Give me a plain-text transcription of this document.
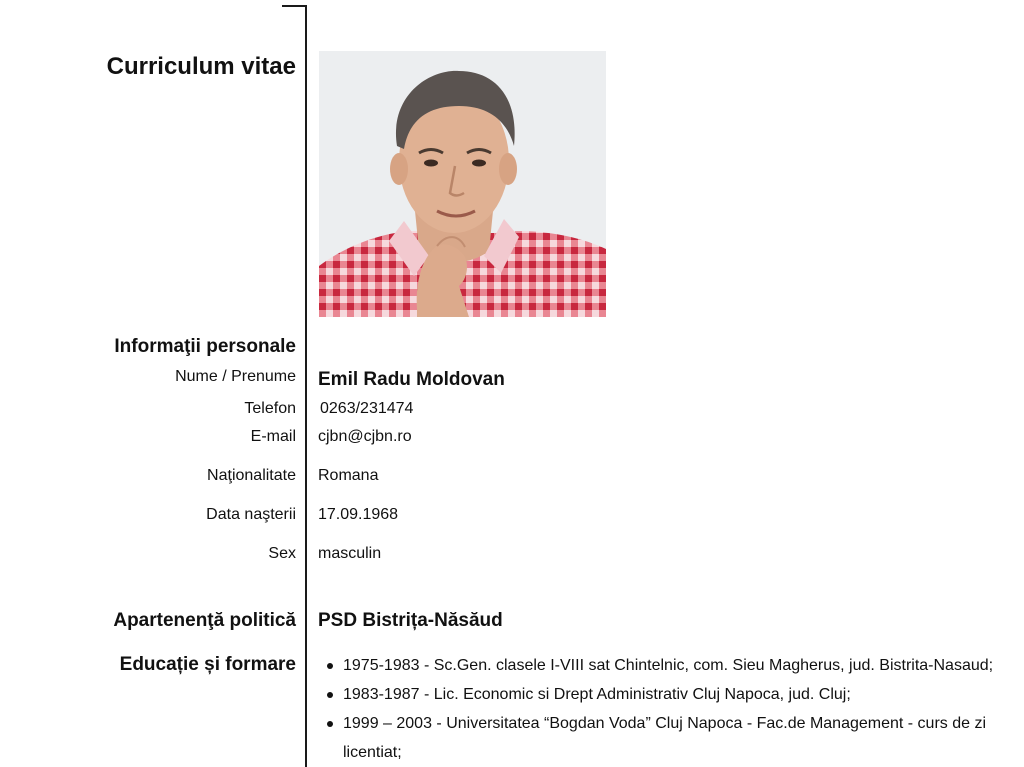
Curriculum vitae
Informaţii personale
Nume / Prenume Emil Radu Moldovan
Telefon 0263/231474
E-mail cjbn@cjbn.ro
Naţionalitate Romana
Data naşterii 17.09.1968
Sex masculin
Apartenenţă politică PSD Bistrița-Năsăud
Educație și formare	1975-1983 - Sc.Gen. clasele I-VIII sat Chintelnic, com. Sieu Magherus, jud. Bistrita-Nasaud;
1983-1987 - Lic. Economic si Drept Administrativ Cluj Napoca, jud. Cluj;
1999 – 2003 - Universitatea “Bogdan Voda” Cluj Napoca - Fac.de Management - curs de zi licentiat;
